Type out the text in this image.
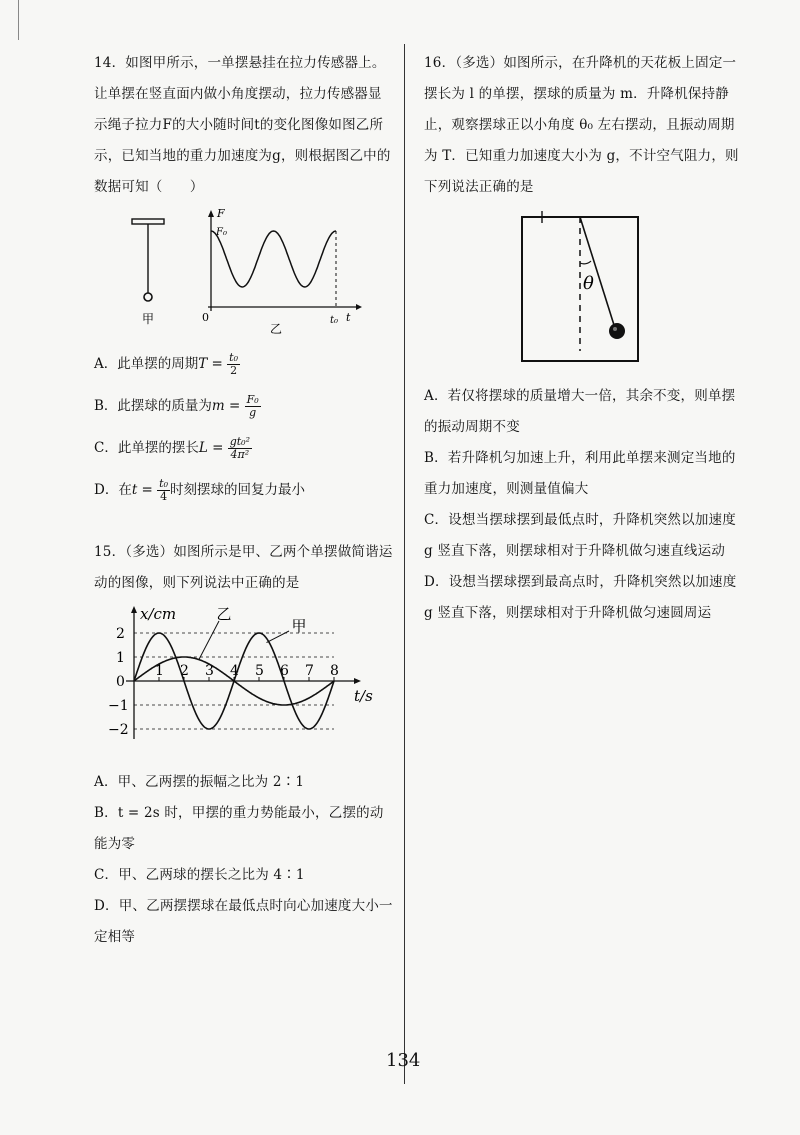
14．如图甲所示，一单摆悬挂在拉力传感器上。让单摆在竖直面内做小角度摆动，拉力传感器显示绳子拉力F的大小随时间t的变化图像如图乙所示，已知当地的重力加速度为g，则根据图乙中的数据可知（　　）

甲
F
F₀
0	t₀ t
乙

A．此单摆的周期$T = \frac{\text{t₀}}{2}$

B．此摆球的质量为$m = \frac{\text{F₀}}{g}$

C．此单摆的摆长$L = \frac{\text{gt₀²}}{\text{4π²}}$

D．在$t = \frac{\text{t₀}}{4}$ 时刻摆球的回复力最小

15．（多选）如图所示是甲、乙两个单摆做简谐运动的图像，则下列说法中正确的是

1 2 3 4 5 6 7 8
2
1
0
−1
−2
x/cm
t/s
乙
甲

A．甲、乙两摆的振幅之比为 2∶1

B．t = 2s 时，甲摆的重力势能最小，乙摆的动能为零

C．甲、乙两球的摆长之比为 4∶1

D．甲、乙两摆摆球在最低点时向心加速度大小一定相等

16．（多选）如图所示，在升降机的天花板上固定一摆长为 l 的单摆，摆球的质量为 m．升降机保持静止，观察摆球正以小角度 θ₀ 左右摆动，且振动周期为 T．已知重力加速度大小为 g，不计空气阻力，则下列说法正确的是

θ

A．若仅将摆球的质量增大一倍，其余不变，则单摆的振动周期不变

B．若升降机匀加速上升，利用此单摆来测定当地的重力加速度，则测量值偏大

C．设想当摆球摆到最低点时，升降机突然以加速度 g 竖直下落，则摆球相对于升降机做匀速直线运动

D．设想当摆球摆到最高点时，升降机突然以加速度 g 竖直下落，则摆球相对于升降机做匀速圆周运

134
